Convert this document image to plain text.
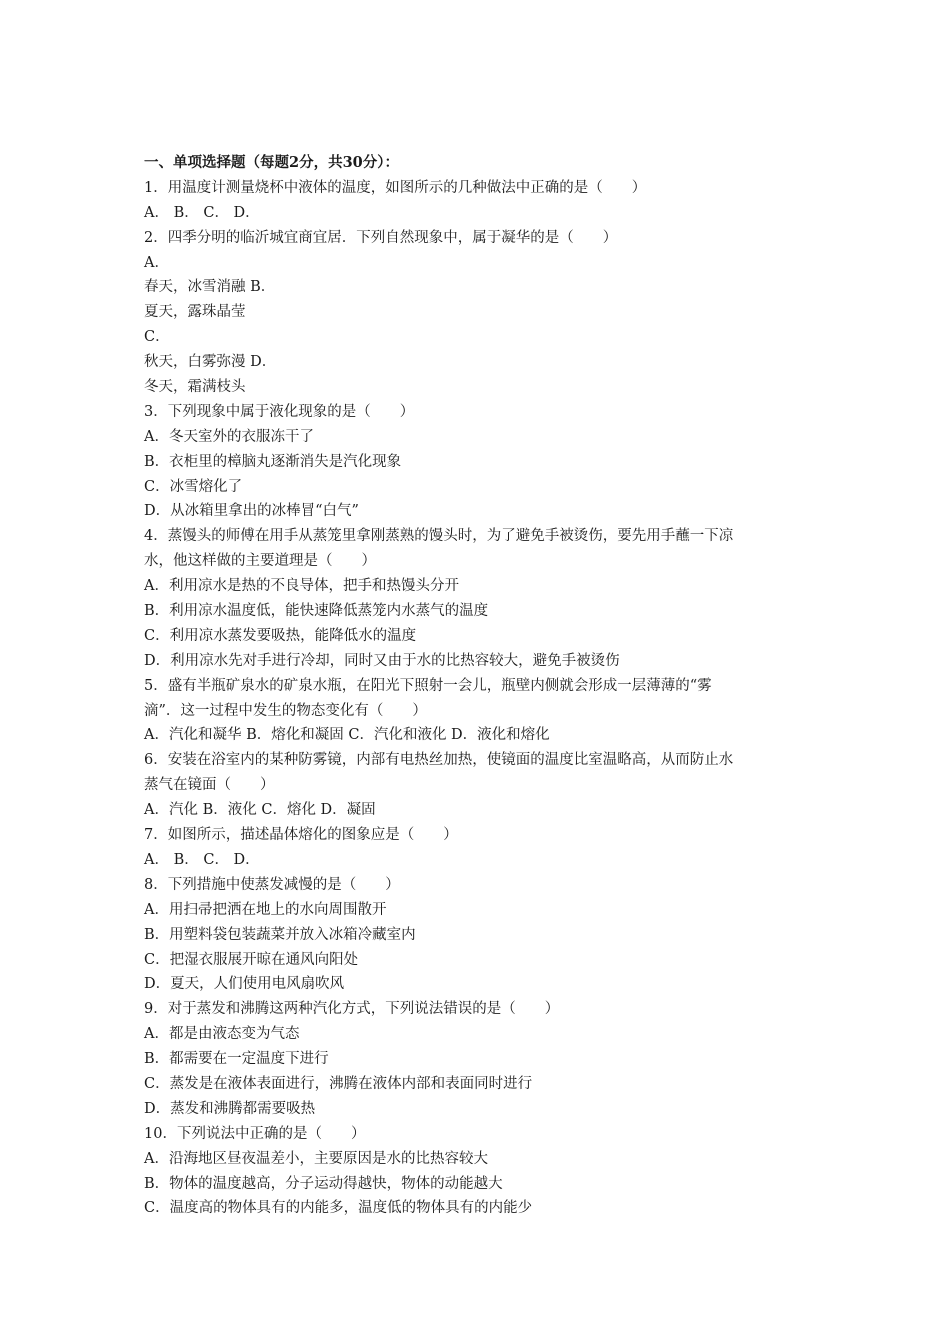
一、单项选择题（每题2分，共30分）：
1．用温度计测量烧杯中液体的温度，如图所示的几种做法中正确的是（　　）
A． B． C． D．
2．四季分明的临沂城宜商宜居．下列自然现象中，属于凝华的是（　　）
A．
春天，冰雪消融 B．
夏天，露珠晶莹
C．
秋天，白雾弥漫 D．
冬天，霜满枝头
3．下列现象中属于液化现象的是（　　）
A．冬天室外的衣服冻干了
B．衣柜里的樟脑丸逐渐消失是汽化现象
C．冰雪熔化了
D．从冰箱里拿出的冰棒冒“白气”
4．蒸馒头的师傅在用手从蒸笼里拿刚蒸熟的馒头时，为了避免手被烫伤，要先用手蘸一下凉
水，他这样做的主要道理是（　　）
A．利用凉水是热的不良导体，把手和热馒头分开
B．利用凉水温度低，能快速降低蒸笼内水蒸气的温度
C．利用凉水蒸发要吸热，能降低水的温度
D．利用凉水先对手进行冷却，同时又由于水的比热容较大，避免手被烫伤
5．盛有半瓶矿泉水的矿泉水瓶，在阳光下照射一会儿，瓶壁内侧就会形成一层薄薄的“雾
滴”．这一过程中发生的物态变化有（　　）
A．汽化和凝华 B．熔化和凝固 C．汽化和液化 D．液化和熔化
6．安装在浴室内的某种防雾镜，内部有电热丝加热，使镜面的温度比室温略高，从而防止水
蒸气在镜面（　　）
A．汽化 B．液化 C．熔化 D．凝固
7．如图所示，描述晶体熔化的图象应是（　　）
A． B． C． D．
8．下列措施中使蒸发减慢的是（　　）
A．用扫帚把洒在地上的水向周围散开
B．用塑料袋包装蔬菜并放入冰箱冷藏室内
C．把湿衣服展开晾在通风向阳处
D．夏天，人们使用电风扇吹风
9．对于蒸发和沸腾这两种汽化方式，下列说法错误的是（　　）
A．都是由液态变为气态
B．都需要在一定温度下进行
C．蒸发是在液体表面进行，沸腾在液体内部和表面同时进行
D．蒸发和沸腾都需要吸热
10．下列说法中正确的是（　　）
A．沿海地区昼夜温差小，主要原因是水的比热容较大
B．物体的温度越高，分子运动得越快，物体的动能越大
C．温度高的物体具有的内能多，温度低的物体具有的内能少
